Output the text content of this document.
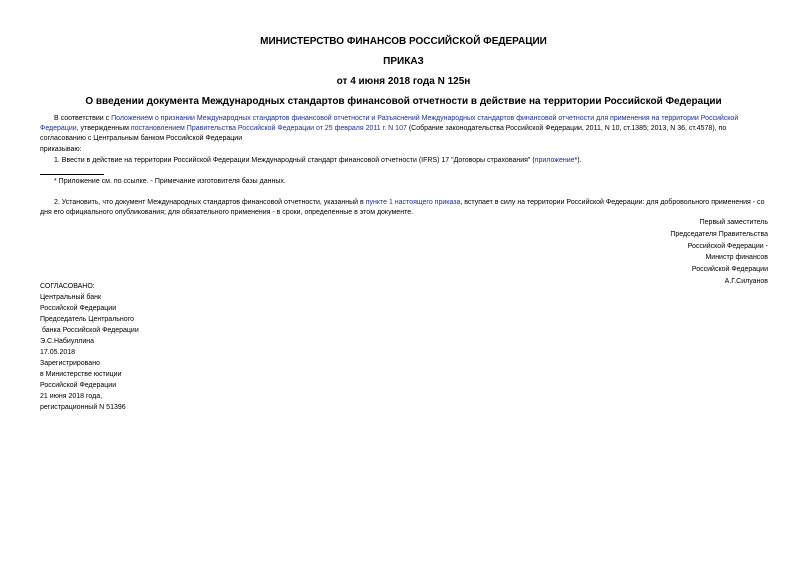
МИНИСТЕРСТВО ФИНАНСОВ РОССИЙСКОЙ ФЕДЕРАЦИИ
ПРИКАЗ
от 4 июня 2018 года N 125н
О введении документа Международных стандартов финансовой отчетности в действие на территории Российской Федерации
В соответствии с Положением о признании Международных стандартов финансовой отчетности и Разъяснений Международных стандартов финансовой отчетности для применения на территории Российской Федерации, утвержденным постановлением Правительства Российской Федерации от 25 февраля 2011 г. N 107 (Собрание законодательства Российской Федерации, 2011, N 10, ст.1385; 2013, N 36, ст.4578), по согласованию с Центральным банком Российской Федерации
приказываю:
1. Ввести в действие на территории Российской Федерации Международный стандарт финансовой отчетности (IFRS) 17 "Договоры страхования" (приложение*).
* Приложение см. по ссылке. - Примечание изготовителя базы данных.
2. Установить, что документ Международных стандартов финансовой отчетности, указанный в пункте 1 настоящего приказа, вступает в силу на территории Российской Федерации: для добровольного применения - со дня его официального опубликования; для обязательного применения - в сроки, определенные в этом документе.
Первый заместитель
Председателя Правительства
Российской Федерации -
Министр финансов
Российской Федерации
А.Г.Силуанов
СОГЛАСОВАНО:
Центральный банк
Российской Федерации
Председатель Центрального
банка Российской Федерации
Э.С.Набиуллина
17.05.2018
Зарегистрировано
в Министерстве юстиции
Российской Федерации
21 июня 2018 года,
регистрационный N 51396
